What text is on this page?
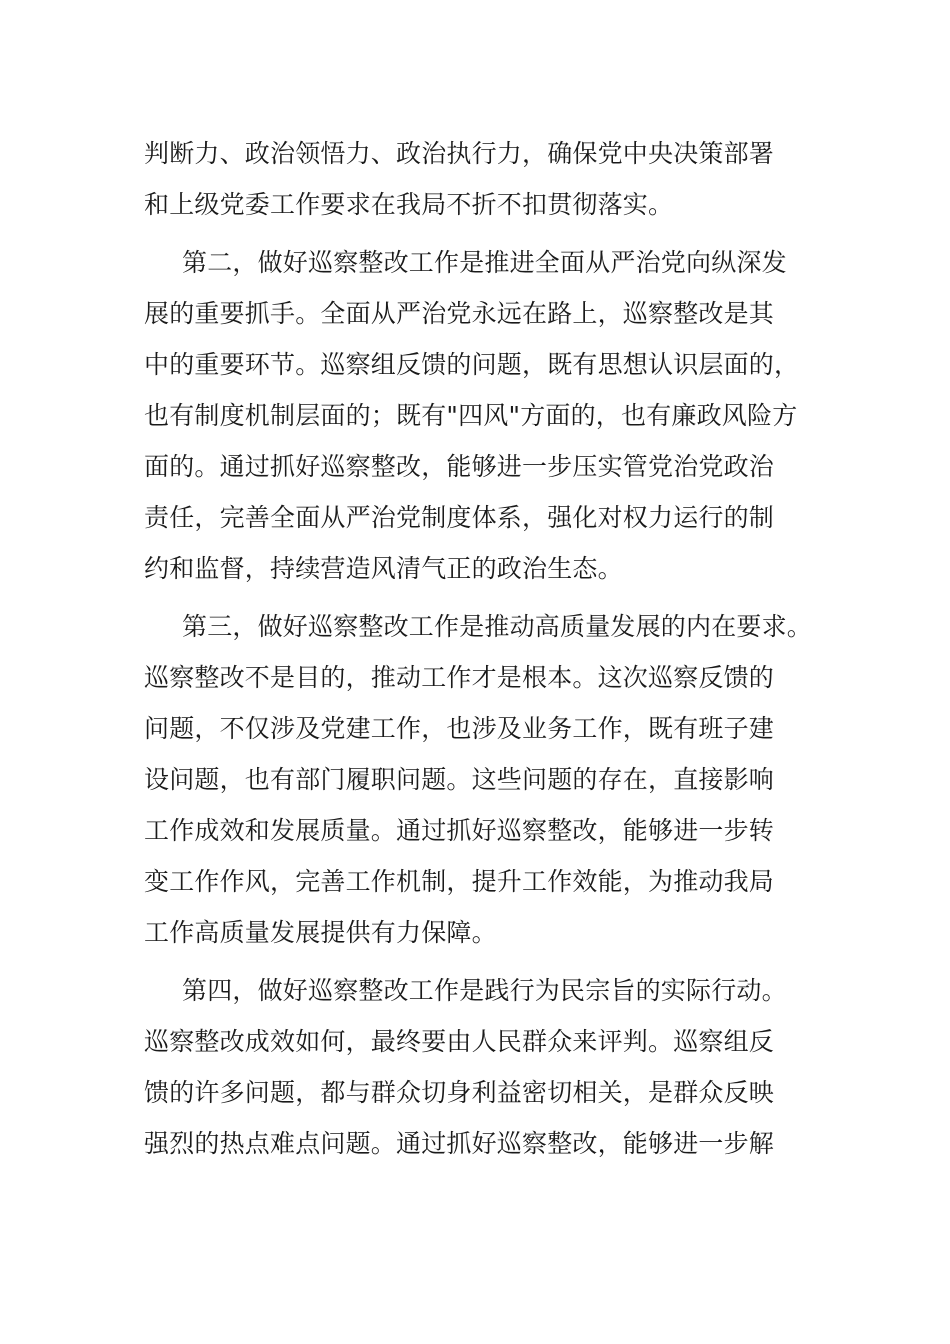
判断力、政治领悟力、政治执行力，确保党中央决策部署
和上级党委工作要求在我局不折不扣贯彻落实。

第二，做好巡察整改工作是推进全面从严治党向纵深发
展的重要抓手。全面从严治党永远在路上，巡察整改是其
中的重要环节。巡察组反馈的问题，既有思想认识层面的，
也有制度机制层面的；既有"四风"方面的，也有廉政风险方
面的。通过抓好巡察整改，能够进一步压实管党治党政治
责任，完善全面从严治党制度体系，强化对权力运行的制
约和监督，持续营造风清气正的政治生态。

第三，做好巡察整改工作是推动高质量发展的内在要求。
巡察整改不是目的，推动工作才是根本。这次巡察反馈的
问题，不仅涉及党建工作，也涉及业务工作，既有班子建
设问题，也有部门履职问题。这些问题的存在，直接影响
工作成效和发展质量。通过抓好巡察整改，能够进一步转
变工作作风，完善工作机制，提升工作效能，为推动我局
工作高质量发展提供有力保障。

第四，做好巡察整改工作是践行为民宗旨的实际行动。
巡察整改成效如何，最终要由人民群众来评判。巡察组反
馈的许多问题，都与群众切身利益密切相关，是群众反映
强烈的热点难点问题。通过抓好巡察整改，能够进一步解
